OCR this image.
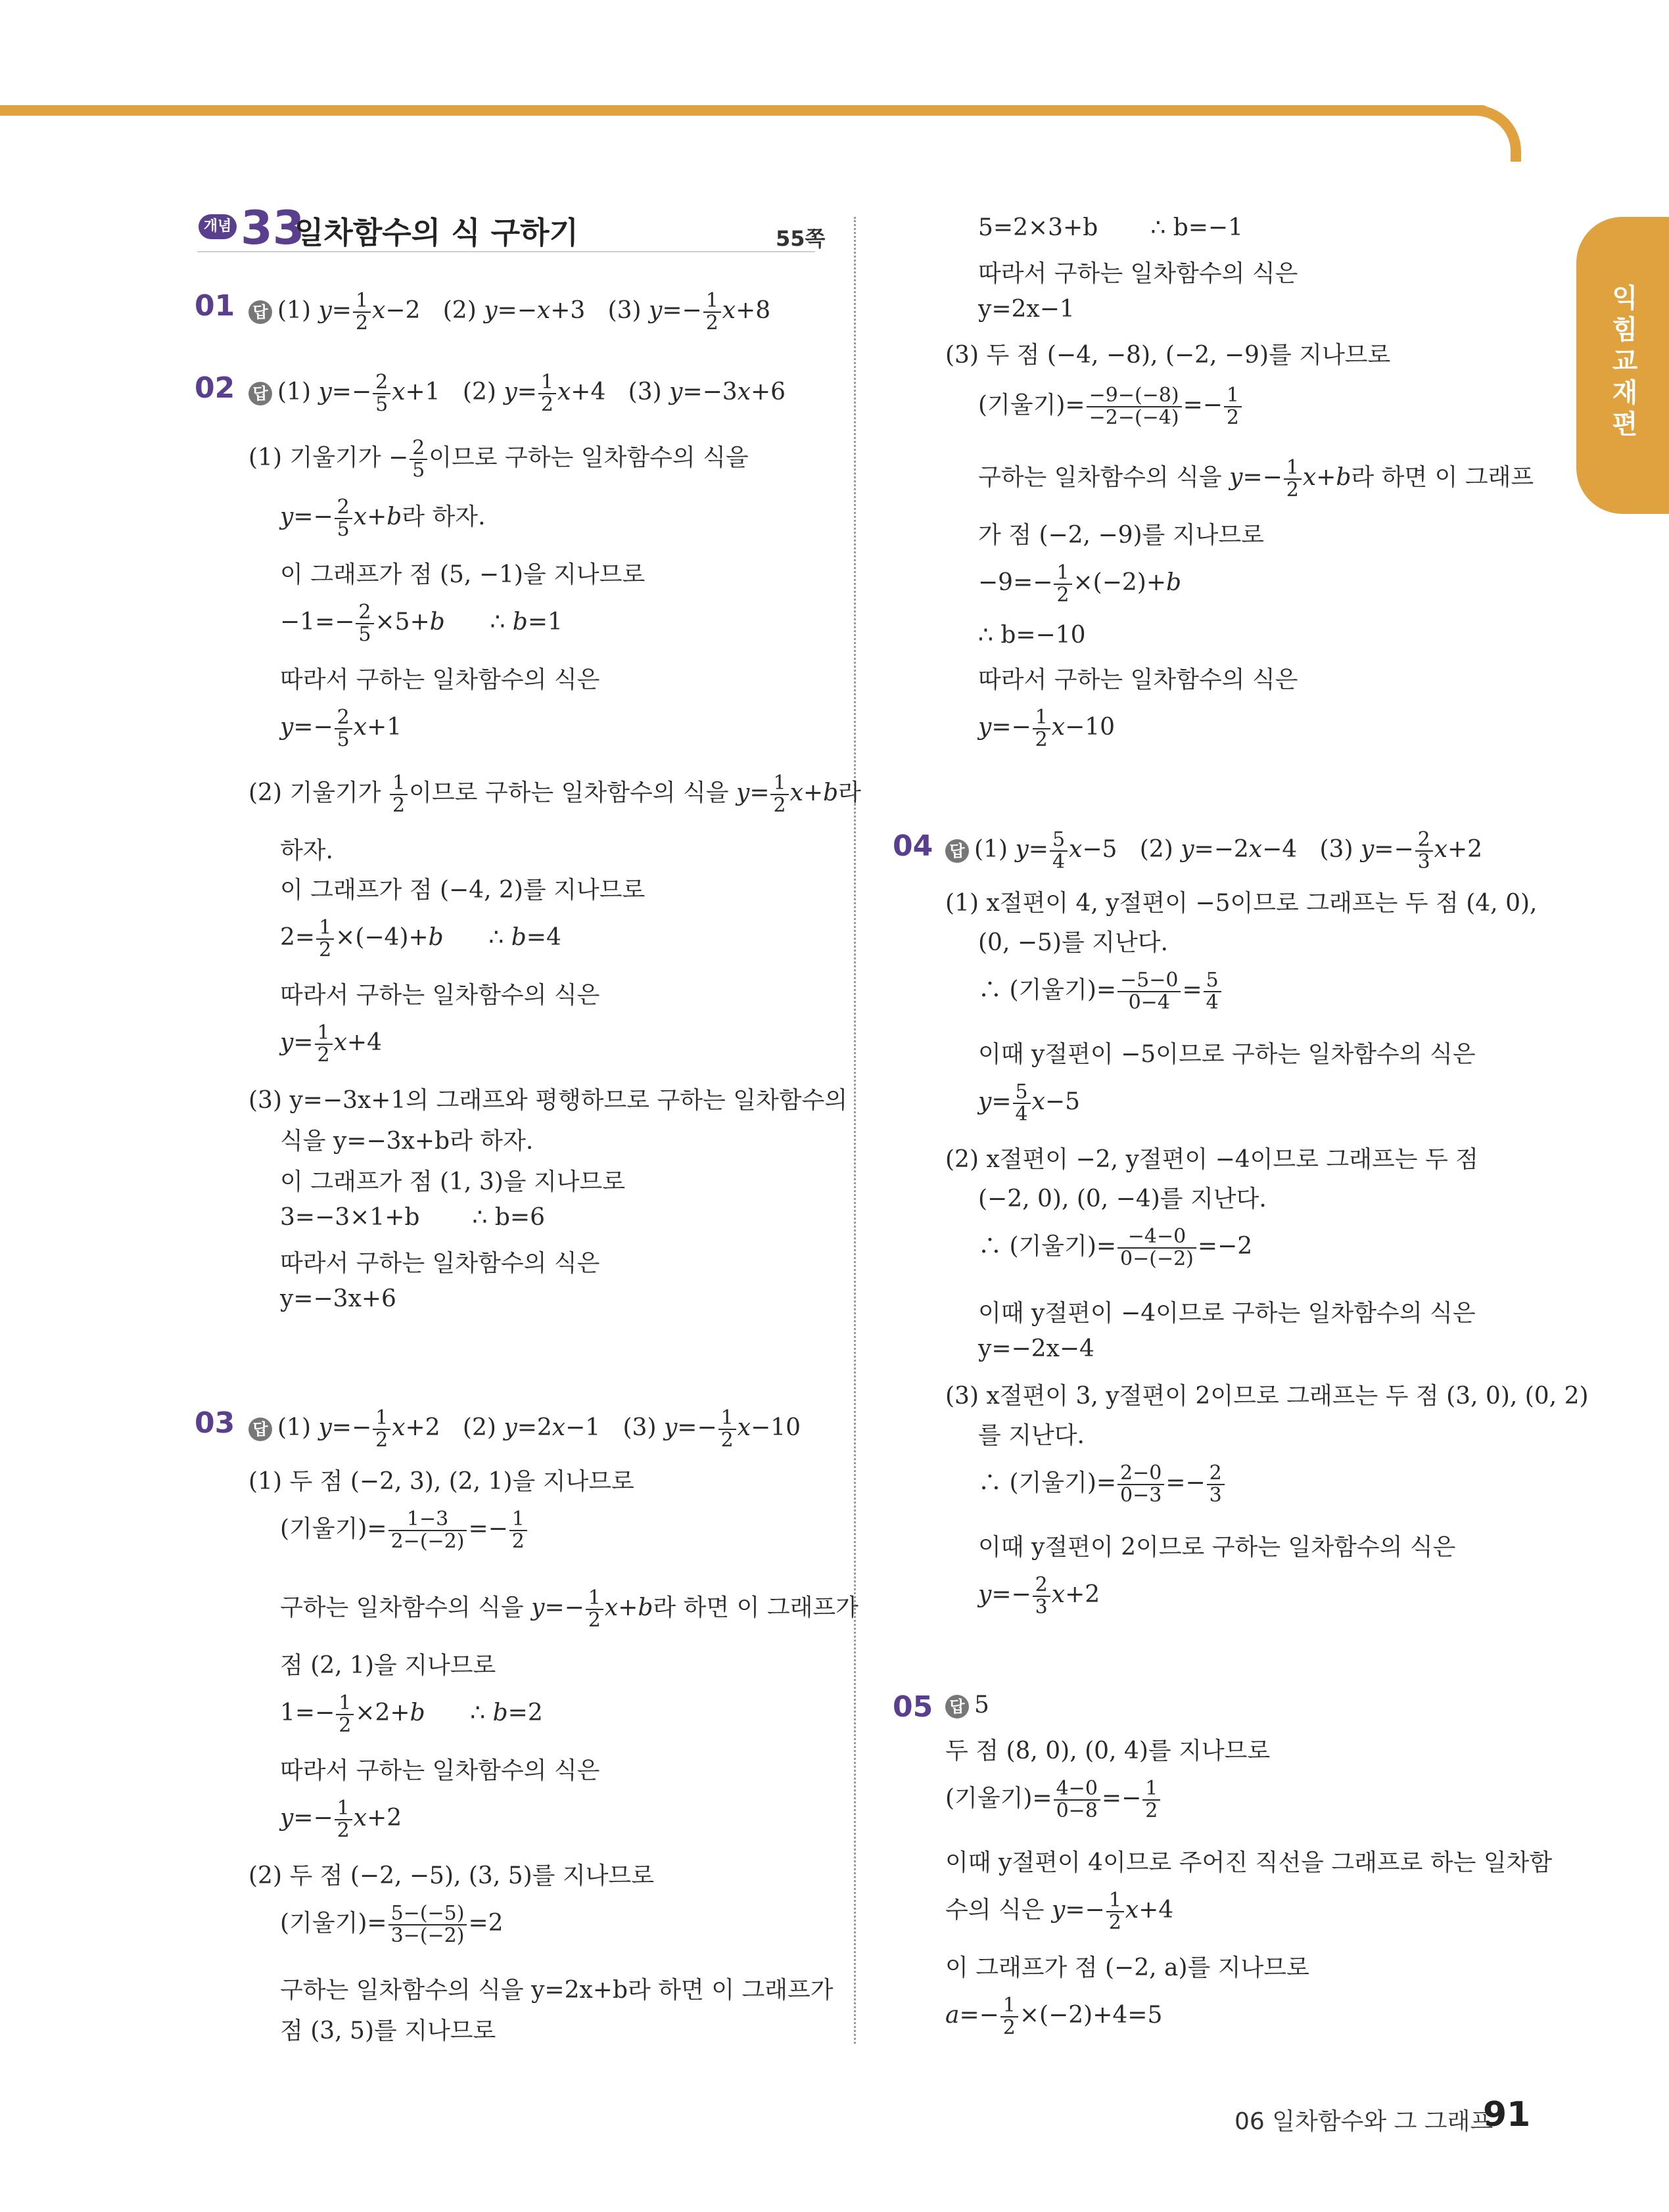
익힘교재편
개념 33
일차함수의 식 구하기	55쪽
01 답 (1) $y= \frac{1}{2} x-2$   (2) y=−x+3   (3) $y=- \frac{1}{2} x+8$
02 답 (1) $y=- \frac{2}{5} x+1$   (2) $y= \frac{1}{2} x+4$   (3) y=−3x+6
(1) 기울기가 − $\frac{2}{5}$ 이므로 구하는 일차함수의 식을
$y=- \frac{2}{5} x+b$라 하자.
이 그래프가 점 (5, −1)을 지나므로
$-1=- \frac{2}{5} \times 5+b$      ∴ b=1
따라서 구하는 일차함수의 식은
$y=- \frac{2}{5} x+1$
(2) 기울기가 $\frac{1}{2}$ 이므로 구하는 일차함수의 식을 $y= \frac{1}{2} x+b$라
하자.
이 그래프가 점 (−4, 2)를 지나므로
$2= \frac{1}{2} \times(-4)+b$      ∴ b=4
따라서 구하는 일차함수의 식은
$y= \frac{1}{2} x+4$
(3) y=−3x+1의 그래프와 평행하므로 구하는 일차함수의
식을 y=−3x+b라 하자.
이 그래프가 점 (1, 3)을 지나므로
3=−3×1+b ∴ b=6
따라서 구하는 일차함수의 식은
y=−3x+6
03 답 (1) $y=- \frac{1}{2} x+2$   (2) y=2x−1   (3) $y=- \frac{1}{2} x-10$
(1) 두 점 (−2, 3), (2, 1)을 지나므로
(기울기)= $\frac{1-3}{2-(-2)} =- \frac{1}{2}$
구하는 일차함수의 식을 $y=- \frac{1}{2} x+b$라 하면 이 그래프가
점 (2, 1)을 지나므로
$1=- \frac{1}{2} \times 2+b$      ∴ b=2
따라서 구하는 일차함수의 식은
$y=- \frac{1}{2} x+2$
(2) 두 점 (−2, −5), (3, 5)를 지나므로
(기울기)= $\frac{5-(-5)}{3-(-2)} =2$
구하는 일차함수의 식을 y=2x+b라 하면 이 그래프가
점 (3, 5)를 지나므로
5=2×3+b ∴ b=−1
따라서 구하는 일차함수의 식은
y=2x−1
(3) 두 점 (−4, −8), (−2, −9)를 지나므로
(기울기)= $\frac{-9-(-8)}{-2-(-4)} =- \frac{1}{2}$
구하는 일차함수의 식을 $y=- \frac{1}{2} x+b$라 하면 이 그래프
가 점 (−2, −9)를 지나므로
$-9=- \frac{1}{2} \times(-2)+b$
∴ b=−10
따라서 구하는 일차함수의 식은
$y=- \frac{1}{2} x-10$
04 답 (1) $y= \frac{5}{4} x-5$   (2) y=−2x−4   (3) $y=- \frac{2}{3} x+2$
(1) x절편이 4, y절편이 −5이므로 그래프는 두 점 (4, 0),
(0, −5)를 지난다.
∴ (기울기)= $\frac{-5-0}{0-4} = \frac{5}{4}$
이때 y절편이 −5이므로 구하는 일차함수의 식은
$y= \frac{5}{4} x-5$
(2) x절편이 −2, y절편이 −4이므로 그래프는 두 점
(−2, 0), (0, −4)를 지난다.
∴ (기울기)= $\frac{-4-0}{0-(-2)} =-2$
이때 y절편이 −4이므로 구하는 일차함수의 식은
y=−2x−4
(3) x절편이 3, y절편이 2이므로 그래프는 두 점 (3, 0), (0, 2)
를 지난다.
∴ (기울기)= $\frac{2-0}{0-3} =- \frac{2}{3}$
이때 y절편이 2이므로 구하는 일차함수의 식은
$y=- \frac{2}{3} x+2$
05 답 5
두 점 (8, 0), (0, 4)를 지나므로
(기울기)= $\frac{4-0}{0-8} =- \frac{1}{2}$
이때 y절편이 4이므로 주어진 직선을 그래프로 하는 일차함
수의 식은 $y=- \frac{1}{2} x+4$
이 그래프가 점 (−2, a)를 지나므로
$a=- \frac{1}{2} \times(-2)+4=5$
06 일차함수와 그 그래프
91
